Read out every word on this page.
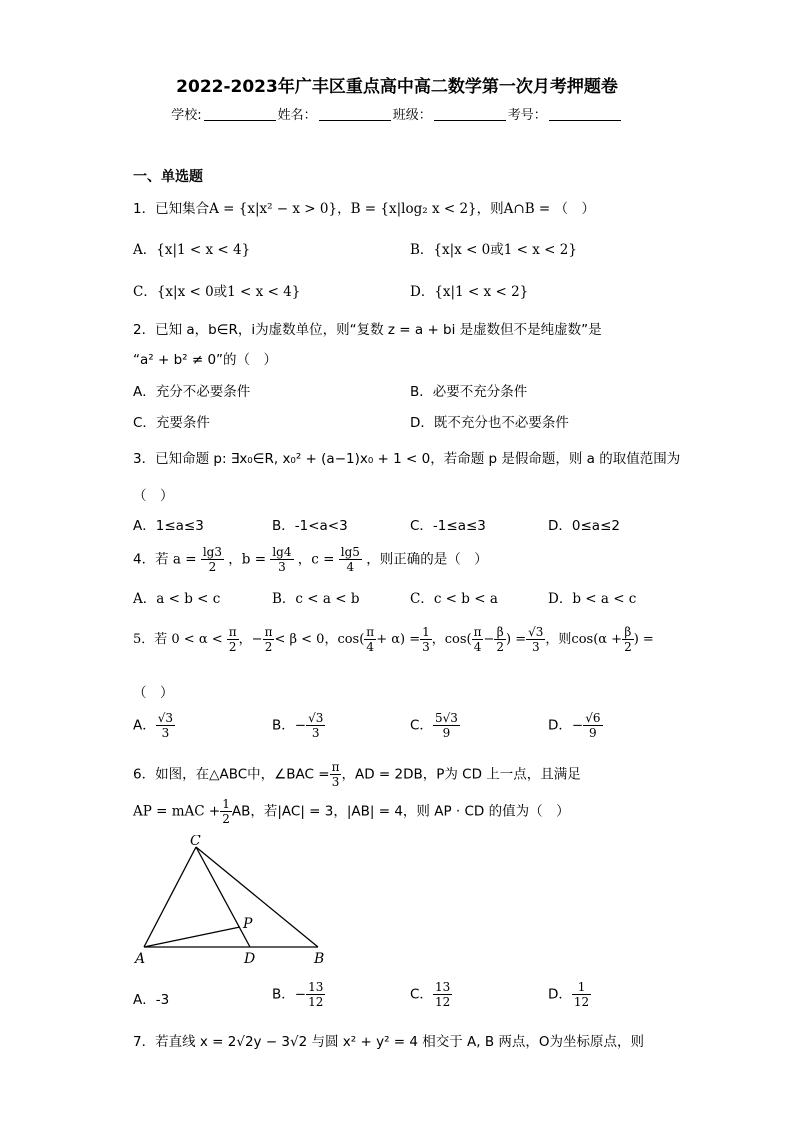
2022-2023年广丰区重点高中高二数学第一次月考押题卷
学校:	姓名：	班级：	考号：
一、单选题
1．已知集合A = {x|x² − x > 0}，B = {x|log₂ x < 2}，则A∩B = （　）
A．{x|1 < x < 4}	B．{x|x < 0或1 < x < 2}
C．{x|x < 0或1 < x < 4}	D．{x|1 < x < 2}
2．已知 a，b∈R，i为虚数单位，则“复数 z = a + bi 是虚数但不是纯虚数”是
“a² + b² ≠ 0”的（　）
A．充分不必要条件	B．必要不充分条件
C．充要条件	D．既不充分也不必要条件
3．已知命题 p: ∃x₀∈R, x₀² + (a−1)x₀ + 1 < 0，若命题 p 是假命题，则 a 的取值范围为
（　）
A．1≤a≤3	B．-1<a<3	C．-1≤a≤3	D．0≤a≤2
4．若 $a = \frac{\lg 3}{2}$ ，$b = \frac{\lg 4}{3}$ ，$c = \frac{\lg 5}{4}$ ，则正确的是（　）
A．a < b < c	B．c < a < b	C．c < b < a	D．b < a < c
5．若 $0 < \alpha < \frac{\pi}{2}$ ，− $\frac{\pi}{2} < \beta < 0$，$\cos( \frac{\pi}{4} + \alpha) = \frac{1}{3}$ ，$\cos( \frac{\pi}{4} - \frac{\beta}{2}$ ) = $\frac{√3}{3}$ ，则$\cos(\alpha + \frac{\beta}{2}$ ) =
（　）
A． $\frac{√3}{3}$	B．− $\frac{√3}{3}$	C． $\frac{5√3}{9}$	D．− $\frac{√6}{9}$
6．如图，在△ABC中，∠BAC = $\frac{\pi}{3}$ ，AD = 2DB，P为 CD 上一点，且满足
AP = mAC + $\frac{1}{2}$ AB，若|AC| = 3，|AB| = 4，则 AP · CD 的值为（　）
C
P
A	D	B
A．-3	B．− $\frac{13}{12}$	C． $\frac{13}{12}$	D． $\frac{1}{12}$
7．若直线 x = 2√2y − 3√2 与圆 x² + y² = 4 相交于 A, B 两点，O为坐标原点，则
